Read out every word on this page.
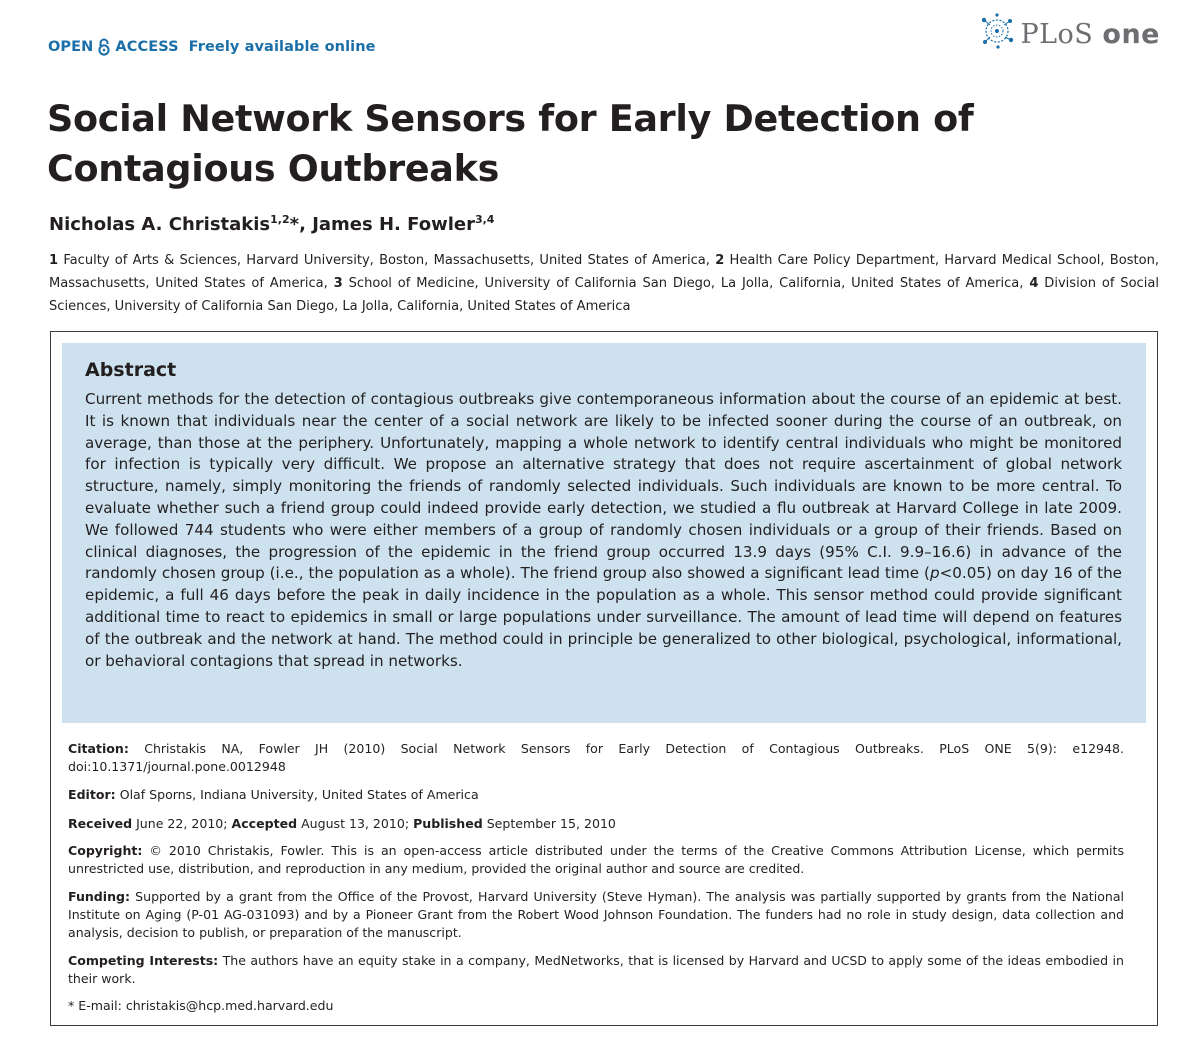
OPEN ACCESS Freely available online	PLoS one
Social Network Sensors for Early Detection of Contagious Outbreaks
Nicholas A. Christakis$^{1,2}$*, James H. Fowler$^{3,4}$
1 Faculty of Arts & Sciences, Harvard University, Boston, Massachusetts, United States of America, 2 Health Care Policy Department, Harvard Medical School, Boston, Massachusetts, United States of America, 3 School of Medicine, University of California San Diego, La Jolla, California, United States of America, 4 Division of Social Sciences, University of California San Diego, La Jolla, California, United States of America
Abstract

Current methods for the detection of contagious outbreaks give contemporaneous information about the course of an epidemic at best. It is known that individuals near the center of a social network are likely to be infected sooner during the course of an outbreak, on average, than those at the periphery. Unfortunately, mapping a whole network to identify central individuals who might be monitored for infection is typically very difficult. We propose an alternative strategy that does not require ascertainment of global network structure, namely, simply monitoring the friends of randomly selected individuals. Such individuals are known to be more central. To evaluate whether such a friend group could indeed provide early detection, we studied a flu outbreak at Harvard College in late 2009. We followed 744 students who were either members of a group of randomly chosen individuals or a group of their friends. Based on clinical diagnoses, the progression of the epidemic in the friend group occurred 13.9 days (95% C.I. 9.9–16.6) in advance of the randomly chosen group (i.e., the population as a whole). The friend group also showed a significant lead time (p<0.05) on day 16 of the epidemic, a full 46 days before the peak in daily incidence in the population as a whole. This sensor method could provide significant additional time to react to epidemics in small or large populations under surveillance. The amount of lead time will depend on features of the outbreak and the network at hand. The method could in principle be generalized to other biological, psychological, informational, or behavioral contagions that spread in networks.

Citation: Christakis NA, Fowler JH (2010) Social Network Sensors for Early Detection of Contagious Outbreaks. PLoS ONE 5(9): e12948. doi:10.1371/journal.pone.0012948

Editor: Olaf Sporns, Indiana University, United States of America

Received June 22, 2010; Accepted August 13, 2010; Published September 15, 2010

Copyright: © 2010 Christakis, Fowler. This is an open-access article distributed under the terms of the Creative Commons Attribution License, which permits unrestricted use, distribution, and reproduction in any medium, provided the original author and source are credited.

Funding: Supported by a grant from the Office of the Provost, Harvard University (Steve Hyman). The analysis was partially supported by grants from the National Institute on Aging (P-01 AG-031093) and by a Pioneer Grant from the Robert Wood Johnson Foundation. The funders had no role in study design, data collection and analysis, decision to publish, or preparation of the manuscript.

Competing Interests: The authors have an equity stake in a company, MedNetworks, that is licensed by Harvard and UCSD to apply some of the ideas embodied in their work.

* E-mail: christakis@hcp.med.harvard.edu
